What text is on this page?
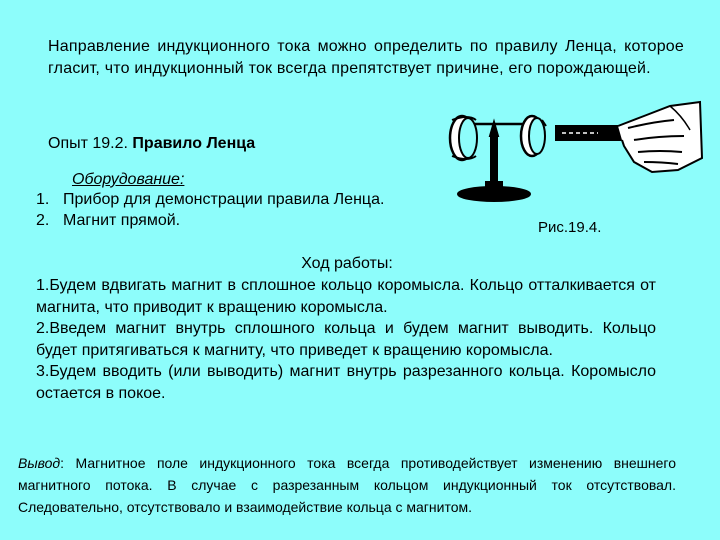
Направление индукционного тока можно определить по правилу Ленца, которое гласит, что индукционный ток всегда препятствует причине, его порождающей.
Опыт 19.2. Правило Ленца
Оборудование:
1. Прибор для демонстрации правила Ленца.
2. Магнит прямой.	Рис.19.4.
Ход работы:

1.Будем вдвигать магнит в сплошное кольцо коромысла. Кольцо отталкивается от магнита, что приводит к вращению коромысла.

2.Введем магнит внутрь сплошного кольца и будем магнит выводить. Кольцо будет притягиваться к магниту, что приведет к вращению коромысла.

3.Будем вводить (или выводить) магнит внутрь разрезанного кольца. Коромысло остается в покое.

Вывод: Магнитное поле индукционного тока всегда противодействует изменению внешнего магнитного потока. В случае с разрезанным кольцом индукционный ток отсутствовал. Следовательно, отсутствовало и взаимодействие кольца с магнитом.
